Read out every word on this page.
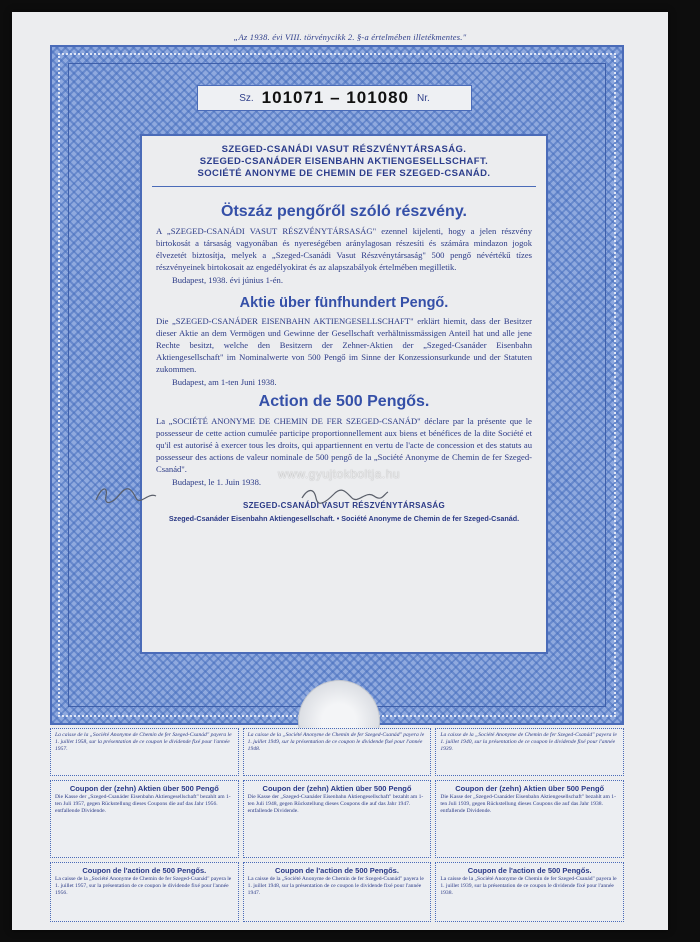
„Az 1938. évi VIII. törvénycikk 2. §-a értelmében illetékmentes."
Sz. 101071 – 101080 Nr.
SZEGED-CSANÁDI VASUT RÉSZVÉNYTÁRSASÁG.
SZEGED-CSANÁDER EISENBAHN AKTIENGESELLSCHAFT.
SOCIÉTÉ ANONYME DE CHEMIN DE FER SZEGED-CSANÁD.
Ötszáz pengőről szóló részvény.

A „SZEGED-CSANÁDI VASUT RÉSZVÉNYTÁRSASÁG" ezennel kijelenti, hogy a jelen részvény birtokosát a társaság vagyonában és nyereségében aránylagosan részesíti és számára mindazon jogok élvezetét biztosítja, melyek a „Szeged-Csanádi Vasut Részvénytársaság" 500 pengő névértékű tízes részvényeinek birtokosait az engedélyokirat és az alapszabályok értelmében megilletik.

Budapest, 1938. évi június 1-én.
Aktie über fünfhundert Pengő.

Die „SZEGED-CSANÁDER EISENBAHN AKTIENGESELLSCHAFT" erklärt hiemit, dass der Besitzer dieser Aktie an dem Vermögen und Gewinne der Gesellschaft verhältnissmässigen Anteil hat und alle jene Rechte besitzt, welche den Besitzern der Zehner-Aktien der „Szeged-Csanáder Eisenbahn Aktiengesellschaft" im Nominalwerte von 500 Pengő im Sinne der Konzessionsurkunde und der Statuten zukommen.

Budapest, am 1-ten Juni 1938.
Action de 500 Pengős.

La „SOCIÉTÉ ANONYME DE CHEMIN DE FER SZEGED-CSANÁD" déclare par la présente que le possesseur de cette action cumulée participe proportionnellement aux biens et bénéfices de la dite Société et qu'il est autorisé à exercer tous les droits, qui appartiennent en vertu de l'acte de concession et des statuts au possesseur des actions de valeur nominale de 500 pengő de la „Société Anonyme de Chemin de fer Szeged-Csanád".

Budapest, le 1. Juin 1938.
SZEGED-CSANÁDI VASUT RÉSZVÉNYTÁRSASÁG
Szeged-Csanáder Eisenbahn Aktiengesellschaft. • Société Anonyme de Chemin de fer Szeged-Csanád.
www.gyujtokboltja.hu
La caisse de la „Société Anonyme de Chemin de fer Szeged-Csanád" payera le 1. juillet 1958, sur la présentation de ce coupon le dividende fixé pour l'année 1957.
La caisse de la „Société Anonyme de Chemin de fer Szeged-Csanád" payera le 1. juillet 1949, sur la présentation de ce coupon le dividende fixé pour l'année 1948.
La caisse de la „Société Anonyme de Chemin de fer Szeged-Csanád" payera le 1. juillet 1940, sur la présentation de ce coupon le dividende fixé pour l'année 1939.
Coupon der (zehn) Aktien über 500 Pengő
Die Kasse der „Szeged-Csanáder Eisenbahn Aktiengesellschaft" bezahlt am 1-ten Juli 1957, gegen Rückstellung dieses Coupons die auf das Jahr 1956. entfallende Dividende.
Coupon der (zehn) Aktien über 500 Pengő
Die Kasse der „Szeged-Csanáder Eisenbahn Aktiengesellschaft" bezahlt am 1-ten Juli 1948, gegen Rückstellung dieses Coupons die auf das Jahr 1947. entfallende Dividende.
Coupon der (zehn) Aktien über 500 Pengő
Die Kasse der „Szeged-Csanáder Eisenbahn Aktiengesellschaft" bezahlt am 1-ten Juli 1939, gegen Rückstellung dieses Coupons die auf das Jahr 1938. entfallende Dividende.
Coupon de l'action de 500 Pengős.
La caisse de la „Société Anonyme de Chemin de fer Szeged-Csanád" payera le 1. juillet 1957, sur la présentation de ce coupon le dividende fixé pour l'année 1956.
Coupon de l'action de 500 Pengős.
La caisse de la „Société Anonyme de Chemin de fer Szeged-Csanád" payera le 1. juillet 1948, sur la présentation de ce coupon le dividende fixé pour l'année 1947.
Coupon de l'action de 500 Pengős.
La caisse de la „Société Anonyme de Chemin de fer Szeged-Csanád" payera le 1. juillet 1939, sur la présentation de ce coupon le dividende fixé pour l'année 1938.
